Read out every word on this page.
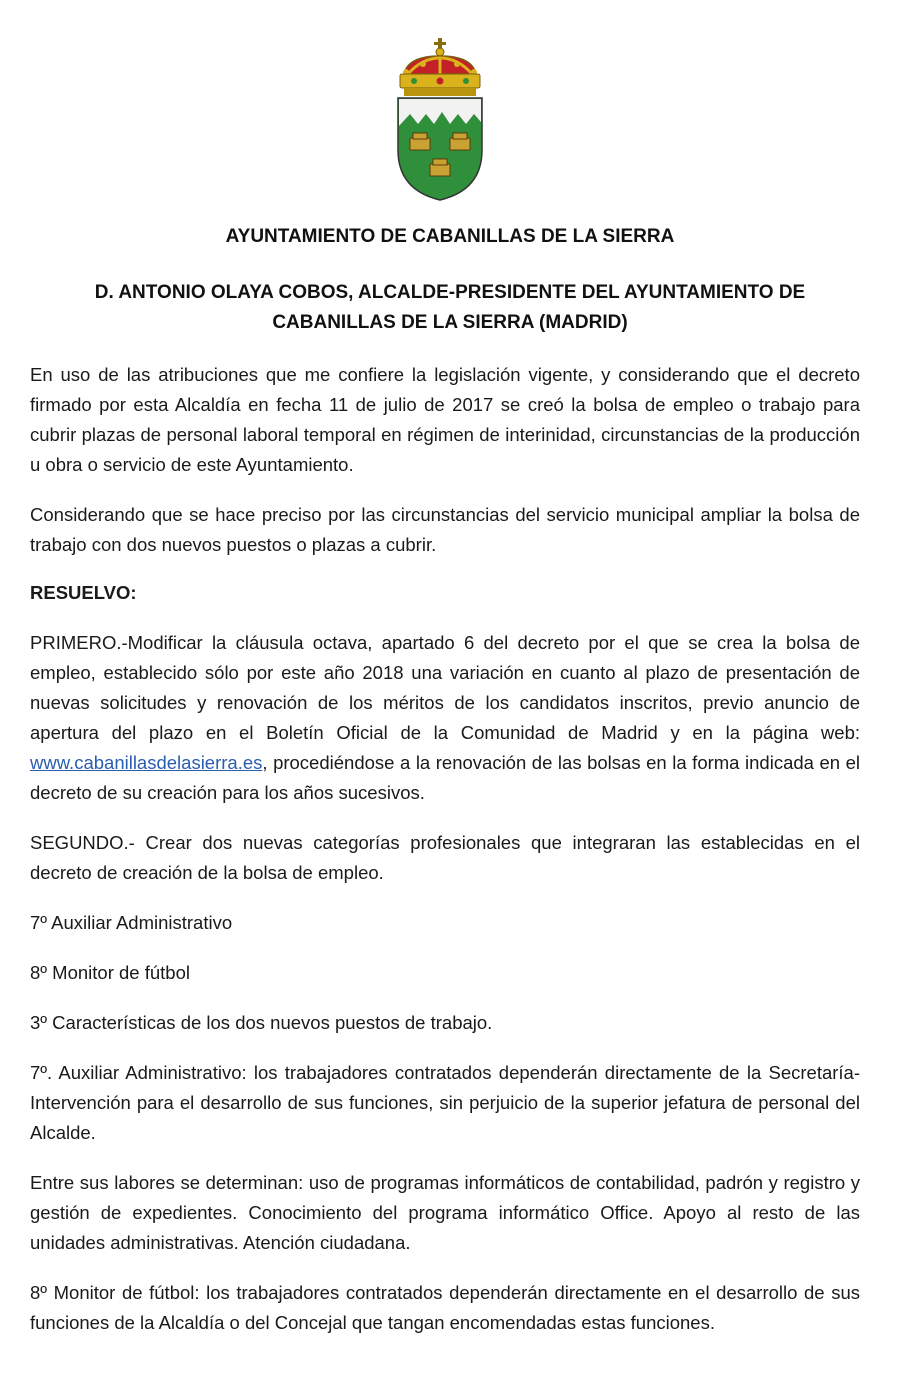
AYUNTAMIENTO DE CABANILLAS DE LA SIERRA
D. ANTONIO OLAYA COBOS, ALCALDE-PRESIDENTE DEL AYUNTAMIENTO DE
CABANILLAS DE LA SIERRA (MADRID)
En uso de las atribuciones que me confiere la legislación vigente, y considerando que el decreto firmado por esta Alcaldía en fecha 11 de julio de 2017 se creó la bolsa de empleo o trabajo para cubrir plazas de personal laboral temporal en régimen de interinidad, circunstancias de la producción u obra o servicio de este Ayuntamiento.
Considerando que se hace preciso por las circunstancias del servicio municipal ampliar la bolsa de trabajo con dos nuevos puestos o plazas a cubrir.
RESUELVO:
PRIMERO.-Modificar la cláusula octava, apartado 6 del decreto por el que se crea la bolsa de empleo, establecido sólo por este año 2018 una variación en cuanto al plazo de presentación de nuevas solicitudes y renovación de los méritos de los candidatos inscritos, previo anuncio de apertura del plazo en el Boletín Oficial de la Comunidad de Madrid y en la página web: www.cabanillasdelasierra.es, procediéndose a la renovación de las bolsas en la forma indicada en el decreto de su creación para los años sucesivos.
SEGUNDO.- Crear dos nuevas categorías profesionales que integraran las establecidas en el decreto de creación de la bolsa de empleo.
7º Auxiliar Administrativo
8º Monitor de fútbol
3º Características de los dos nuevos puestos de trabajo.
7º. Auxiliar Administrativo: los trabajadores contratados dependerán directamente de la Secretaría-Intervención para el desarrollo de sus funciones, sin perjuicio de la superior jefatura de personal del Alcalde.
Entre sus labores se determinan: uso de programas informáticos de contabilidad, padrón y registro y gestión de expedientes. Conocimiento del programa informático Office. Apoyo al resto de las unidades administrativas. Atención ciudadana.
8º Monitor de fútbol: los trabajadores contratados dependerán directamente en el desarrollo de sus funciones de la Alcaldía o del Concejal que tangan encomendadas estas funciones.
